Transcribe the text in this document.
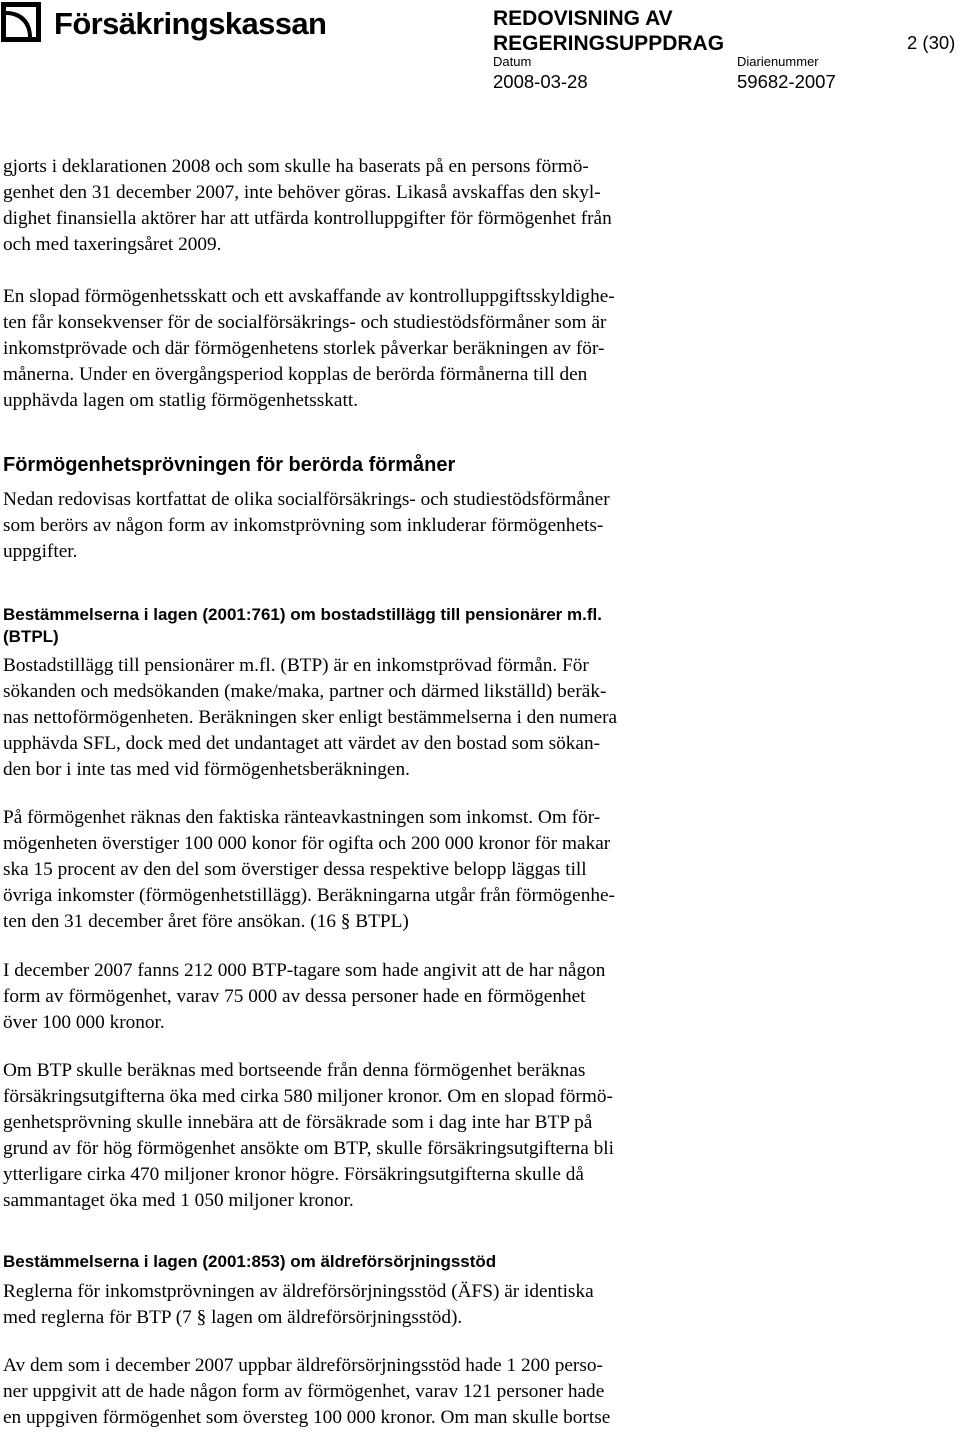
Försäkringskassan	REDOVISNING AV
REGERINGSUPPDRAG	2 (30)
Datum
2008-03-28
Diarienummer
59682-2007
gjorts i deklarationen 2008 och som skulle ha baserats på en persons förmö-
genhet den 31 december 2007, inte behöver göras. Likaså avskaffas den skyl-
dighet finansiella aktörer har att utfärda kontrolluppgifter för förmögenhet från
och med taxeringsåret 2009.
En slopad förmögenhetsskatt och ett avskaffande av kontrolluppgiftsskyldighe-
ten får konsekvenser för de socialförsäkrings- och studiestödsförmåner som är
inkomstprövade och där förmögenhetens storlek påverkar beräkningen av för-
månerna. Under en övergångsperiod kopplas de berörda förmånerna till den
upphävda lagen om statlig förmögenhetsskatt.
Förmögenhetsprövningen för berörda förmåner
Nedan redovisas kortfattat de olika socialförsäkrings- och studiestödsförmåner
som berörs av någon form av inkomstprövning som inkluderar förmögenhets-
uppgifter.
Bestämmelserna i lagen (2001:761) om bostadstillägg till pensionärer m.fl.
(BTPL)
Bostadstillägg till pensionärer m.fl. (BTP) är en inkomstprövad förmån. För
sökanden och medsökanden (make/maka, partner och därmed likställd) beräk-
nas nettoförmögenheten. Beräkningen sker enligt bestämmelserna i den numera
upphävda SFL, dock med det undantaget att värdet av den bostad som sökan-
den bor i inte tas med vid förmögenhetsberäkningen.
På förmögenhet räknas den faktiska ränteavkastningen som inkomst. Om för-
mögenheten överstiger 100 000 konor för ogifta och 200 000 kronor för makar
ska 15 procent av den del som överstiger dessa respektive belopp läggas till
övriga inkomster (förmögenhetstillägg). Beräkningarna utgår från förmögenhe-
ten den 31 december året före ansökan. (16 § BTPL)
I december 2007 fanns 212 000 BTP-tagare som hade angivit att de har någon
form av förmögenhet, varav 75 000 av dessa personer hade en förmögenhet
över 100 000 kronor.
Om BTP skulle beräknas med bortseende från denna förmögenhet beräknas
försäkringsutgifterna öka med cirka 580 miljoner kronor. Om en slopad förmö-
genhetsprövning skulle innebära att de försäkrade som i dag inte har BTP på
grund av för hög förmögenhet ansökte om BTP, skulle försäkringsutgifterna bli
ytterligare cirka 470 miljoner kronor högre. Försäkringsutgifterna skulle då
sammantaget öka med 1 050 miljoner kronor.
Bestämmelserna i lagen (2001:853) om äldreförsörjningsstöd
Reglerna för inkomstprövningen av äldreförsörjningsstöd (ÄFS) är identiska
med reglerna för BTP (7 § lagen om äldreförsörjningsstöd).
Av dem som i december 2007 uppbar äldreförsörjningsstöd hade 1 200 perso-
ner uppgivit att de hade någon form av förmögenhet, varav 121 personer hade
en uppgiven förmögenhet som översteg 100 000 kronor. Om man skulle bortse
